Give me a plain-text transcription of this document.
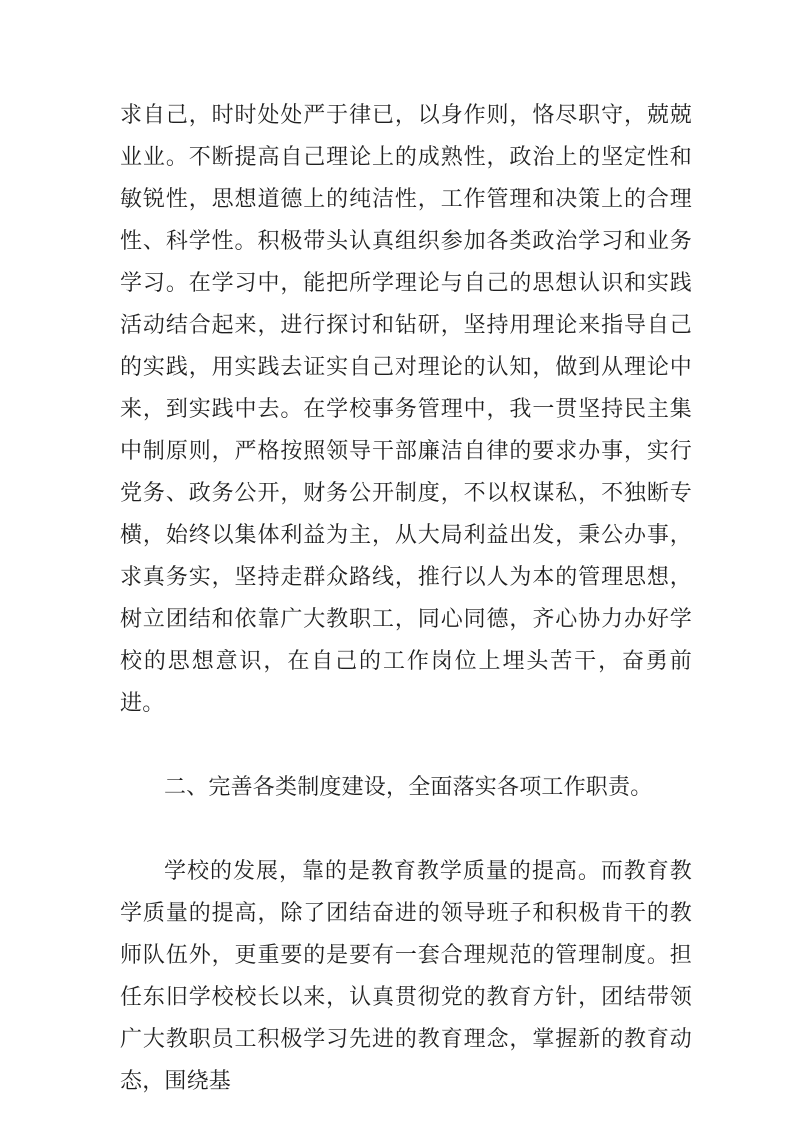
求自己，时时处处严于律已，以身作则，恪尽职守，兢兢业业。不断提高自己理论上的成熟性，政治上的坚定性和敏锐性，思想道德上的纯洁性，工作管理和决策上的合理性、科学性。积极带头认真组织参加各类政治学习和业务学习。在学习中，能把所学理论与自己的思想认识和实践活动结合起来，进行探讨和钻研，坚持用理论来指导自己的实践，用实践去证实自己对理论的认知，做到从理论中来，到实践中去。在学校事务管理中，我一贯坚持民主集中制原则，严格按照领导干部廉洁自律的要求办事，实行党务、政务公开，财务公开制度，不以权谋私，不独断专横，始终以集体利益为主，从大局利益出发，秉公办事，求真务实，坚持走群众路线，推行以人为本的管理思想，树立团结和依靠广大教职工，同心同德，齐心协力办好学校的思想意识，在自己的工作岗位上埋头苦干，奋勇前进。

二、完善各类制度建设，全面落实各项工作职责。

学校的发展，靠的是教育教学质量的提高。而教育教学质量的提高，除了团结奋进的领导班子和积极肯干的教师队伍外，更重要的是要有一套合理规范的管理制度。担任东旧学校校长以来，认真贯彻党的教育方针，团结带领广大教职员工积极学习先进的教育理念，掌握新的教育动态，围绕基
